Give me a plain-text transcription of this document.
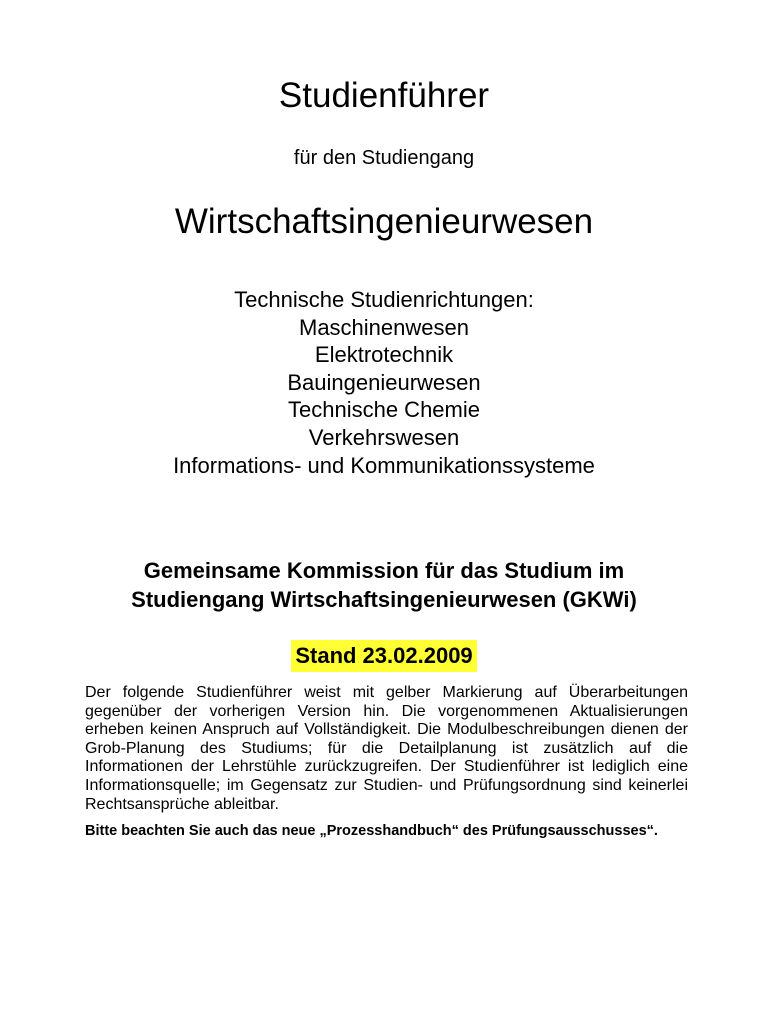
Studienführer
für den Studiengang
Wirtschaftsingenieurwesen
Technische Studienrichtungen:
Maschinenwesen
Elektrotechnik
Bauingenieurwesen
Technische Chemie
Verkehrswesen
Informations- und Kommunikationssysteme
Gemeinsame Kommission für das Studium im
Studiengang Wirtschaftsingenieurwesen (GKWi)
Stand 23.02.2009
Der folgende Studienführer weist mit gelber Markierung auf Überarbeitungen gegenüber der vorherigen Version hin. Die vorgenommenen Aktualisierungen erheben keinen Anspruch auf Vollständigkeit. Die Modulbeschreibungen dienen der Grob-Planung des Studiums; für die Detailplanung ist zusätzlich auf die Informationen der Lehrstühle zurückzugreifen. Der Studienführer ist lediglich eine Informationsquelle; im Gegensatz zur Studien- und Prüfungsordnung sind keinerlei Rechtsansprüche ableitbar.
Bitte beachten Sie auch das neue „Prozesshandbuch“ des Prüfungsausschusses“.
